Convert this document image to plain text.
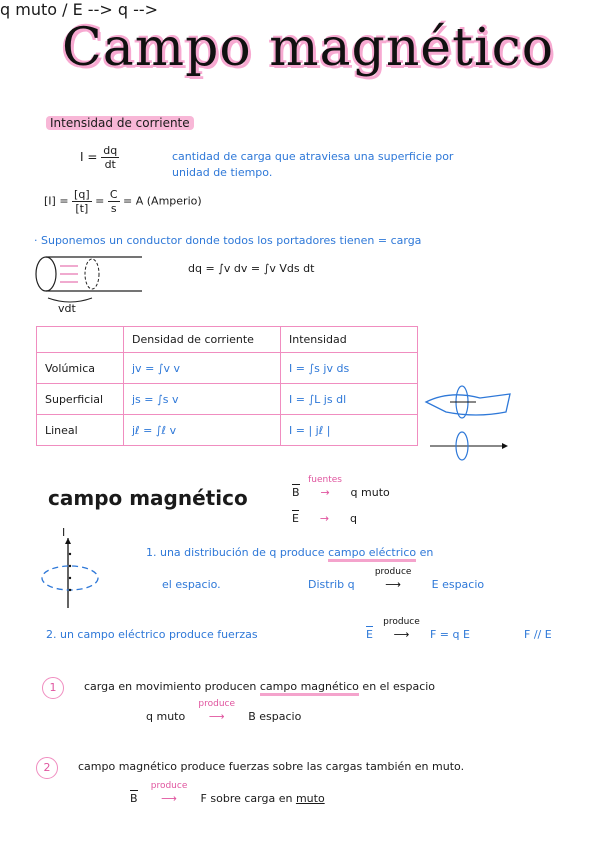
Campo magnético
Intensidad de corriente
$I = \frac{dq}{dt}$	cantidad de carga que atraviesa una superficie por
unidad de tiempo.
$[I] = \frac{[q]}{[t]} = \frac{C}{s} = A$ (Amperio)
· Suponemos un conductor donde todos los portadores tienen = carga
vdt
dq = ∫v dv = ∫v Vds dt
	Densidad de corriente	Intensidad
Volúmica	jv = ∫v v	I = ∫s jv ds
Superficial	js = ∫s v	I = ∫L js dl
Lineal	jℓ = ∫ℓ v	I = | jℓ |
campo magnético
q muto / E --> q -->
B
fuentes
→ q muto
E → q
I
1. una distribución de q produce campo eléctrico en
el espacio.	Distrib q
produce
⟶	E espacio
2. un campo eléctrico produce fuerzas	E
produce
⟶ F = q E	F // E
1	carga en movimiento producen campo magnético en el espacio
q muto
produce
⟶ B espacio
2	campo magnético produce fuerzas sobre las cargas también en muto.
B
produce
⟶ F sobre carga en muto
